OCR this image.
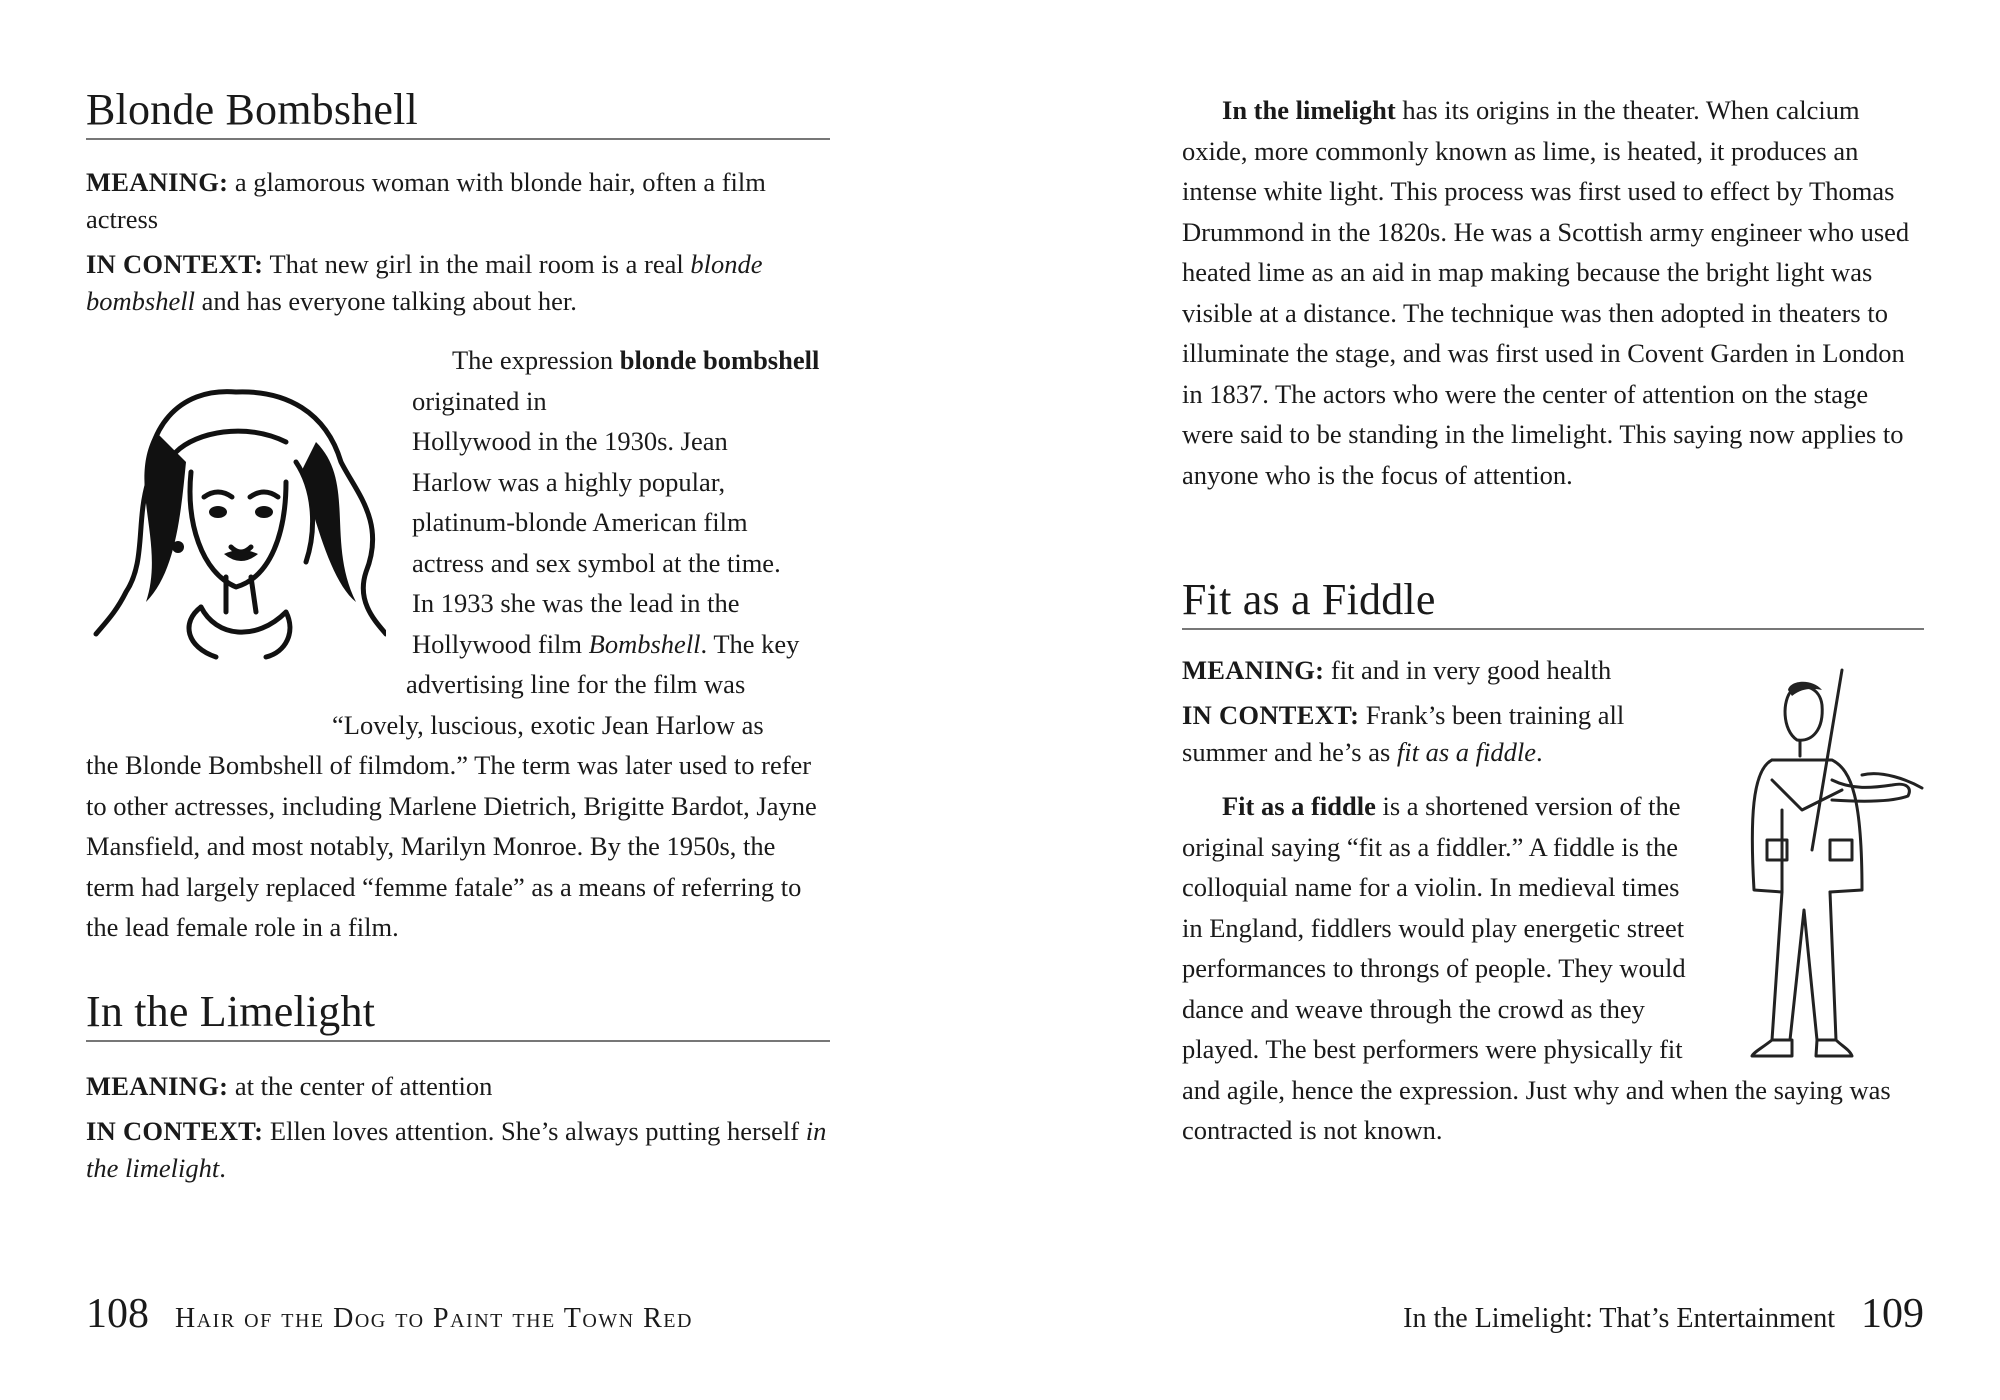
Blonde Bombshell

MEANING: a glamorous woman with blonde hair, often a film actress

IN CONTEXT: That new girl in the mail room is a real blonde bombshell and has everyone talking about her.

The expression blonde bombshell

originated in
Hollywood in the 1930s. Jean
Harlow was a highly popular,
platinum-blonde American film
actress and sex symbol at the time.
In 1933 she was the lead in the
Hollywood film Bombshell. The key

advertising line for the film was

“Lovely, luscious, exotic Jean Harlow as

the Blonde Bombshell of filmdom.” The term was later used to refer to other actresses, including Marlene Dietrich, Brigitte Bardot, Jayne Mansfield, and most notably, Marilyn Monroe. By the 1950s, the term had largely replaced “femme fatale” as a means of referring to the lead female role in a film.

In the Limelight

MEANING: at the center of attention

IN CONTEXT: Ellen loves attention. She’s always putting herself in the limelight.

108 Hair of the Dog to Paint the Town Red

In the limelight has its origins in the theater. When calcium oxide, more commonly known as lime, is heated, it produces an intense white light. This process was first used to effect by Thomas Drummond in the 1820s. He was a Scottish army engineer who used heated lime as an aid in map making because the bright light was visible at a distance. The technique was then adopted in theaters to illuminate the stage, and was first used in Covent Garden in London in 1837. The actors who were the center of attention on the stage were said to be standing in the limelight. This saying now applies to anyone who is the focus of attention.

Fit as a Fiddle

MEANING: fit and in very good health

IN CONTEXT: Frank’s been training all summer and he’s as fit as a fiddle.

Fit as a fiddle is a shortened version of the original saying “fit as a fiddler.” A fiddle is the colloquial name for a violin. In medieval times in England, fiddlers would play energetic street performances to throngs of people. They would dance and weave through the crowd as they played. The best performers were physically fit and agile, hence the expression. Just why and when the saying was contracted is not known.

In the Limelight: That’s Entertainment 109
